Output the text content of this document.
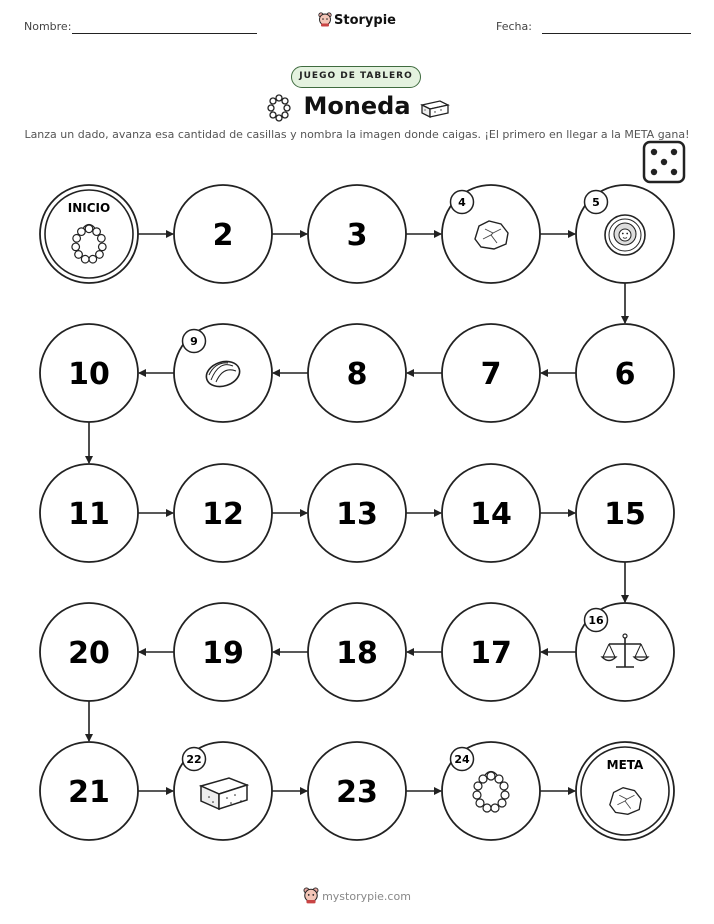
Nombre:	Storypie	Fecha:
JUEGO DE TABLERO
Moneda
Lanza un dado, avanza esa cantidad de casillas y nombra la imagen donde caigas. ¡El primero en llegar a la META gana!
INICIO
2	3
4	5
6
7
8
9
10
11	12	13	14	15
16
17
18
19
20
21
22
23
24	META
mystorypie.com
